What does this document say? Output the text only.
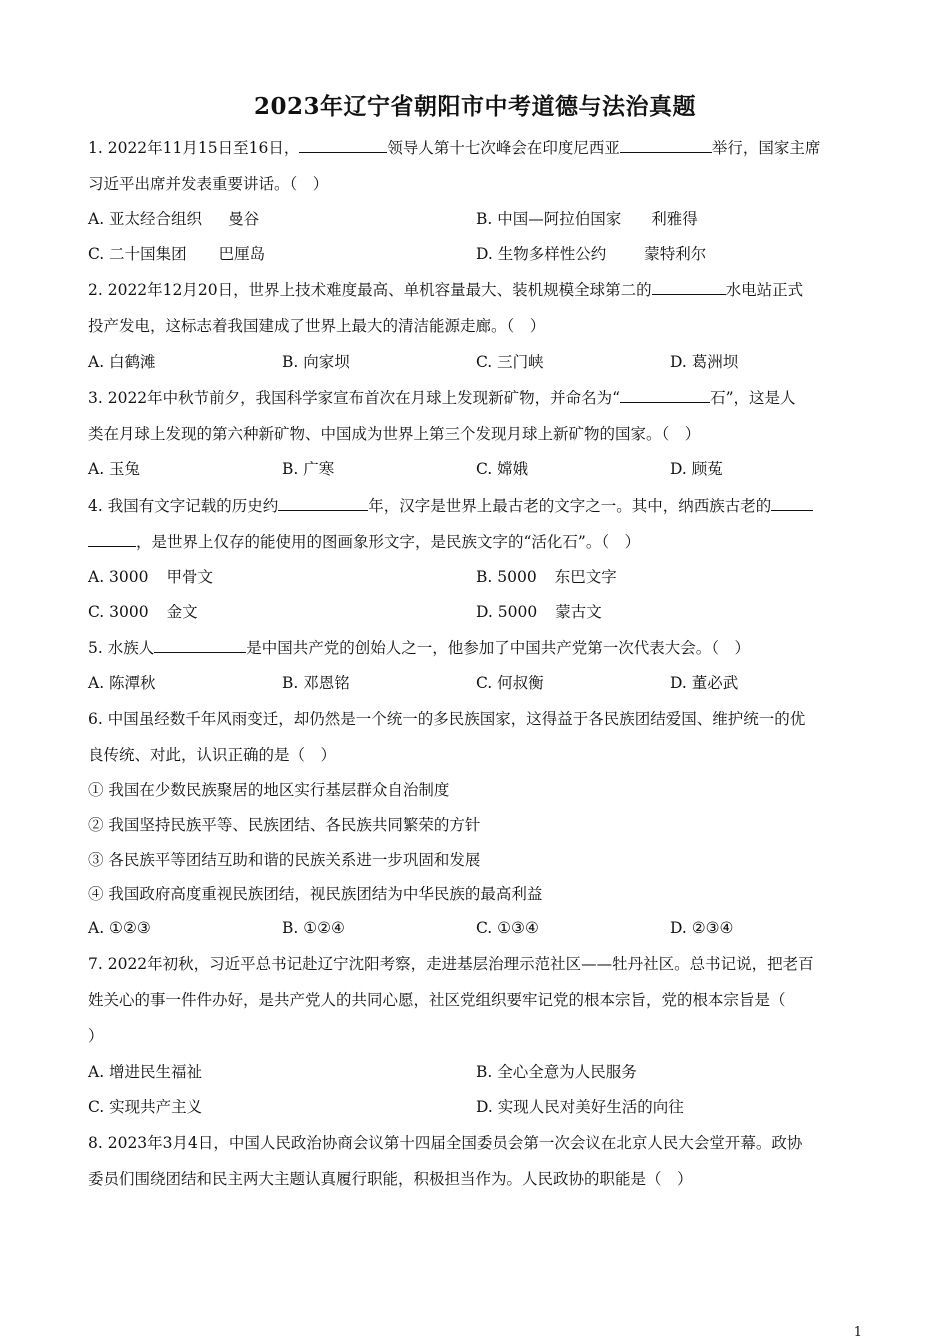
2023年辽宁省朝阳市中考道德与法治真题
1. 2022年11月15日至16日，	领导人第十七次峰会在印度尼西亚	举行，国家主席
习近平出席并发表重要讲话。（　）
A. 亚太经合组织 曼谷	B. 中国—阿拉伯国家 利雅得
C. 二十国集团 巴厘岛	D. 生物多样性公约 蒙特利尔
2. 2022年12月20日，世界上技术难度最高、单机容量最大、装机规模全球第二的	水电站正式
投产发电，这标志着我国建成了世界上最大的清洁能源走廊。（　）
A. 白鹤滩	B. 向家坝	C. 三门峡	D. 葛洲坝
3. 2022年中秋节前夕，我国科学家宣布首次在月球上发现新矿物，并命名为“	石”，这是人
类在月球上发现的第六种新矿物、中国成为世界上第三个发现月球上新矿物的国家。（　）
A. 玉兔	B. 广寒	C. 嫦娥	D. 顾菟
4. 我国有文字记载的历史约	年，汉字是世界上最古老的文字之一。其中，纳西族古老的
，是世界上仅存的能使用的图画象形文字，是民族文字的“活化石”。（　）
A. 3000 甲骨文	B. 5000 东巴文字
C. 3000 金文	D. 5000 蒙古文
5. 水族人	是中国共产党的创始人之一，他参加了中国共产党第一次代表大会。（　）
A. 陈潭秋	B. 邓恩铭	C. 何叔衡	D. 董必武
6. 中国虽经数千年风雨变迁，却仍然是一个统一的多民族国家，这得益于各民族团结爱国、维护统一的优
良传统、对此，认识正确的是（　）
① 我国在少数民族聚居的地区实行基层群众自治制度
② 我国坚持民族平等、民族团结、各民族共同繁荣的方针
③ 各民族平等团结互助和谐的民族关系进一步巩固和发展
④ 我国政府高度重视民族团结，视民族团结为中华民族的最高利益
A. ①②③	B. ①②④	C. ①③④	D. ②③④
7. 2022年初秋，习近平总书记赴辽宁沈阳考察，走进基层治理示范社区——牡丹社区。总书记说，把老百
姓关心的事一件件办好，是共产党人的共同心愿，社区党组织要牢记党的根本宗旨，党的根本宗旨是（
）
A. 增进民生福祉	B. 全心全意为人民服务
C. 实现共产主义	D. 实现人民对美好生活的向往
8. 2023年3月4日，中国人民政治协商会议第十四届全国委员会第一次会议在北京人民大会堂开幕。政协
委员们围绕团结和民主两大主题认真履行职能，积极担当作为。人民政协的职能是（　）
1
